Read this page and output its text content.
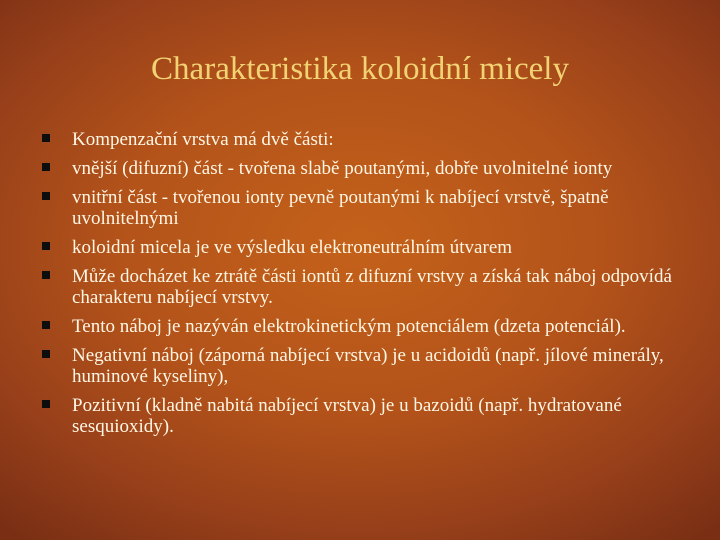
Charakteristika koloidní micely
Kompenzační vrstva má dvě části:
vnější (difuzní) část - tvořena slabě poutanými, dobře uvolnitelné ionty
vnitřní část - tvořenou ionty pevně poutanými k nabíjecí vrstvě, špatně uvolnitelnými
koloidní micela je ve výsledku elektroneutrálním útvarem
Může docházet ke ztrátě části iontů z difuzní vrstvy a získá tak náboj odpovídá charakteru nabíjecí vrstvy.
Tento náboj je nazýván elektrokinetickým potenciálem (dzeta potenciál).
Negativní náboj (záporná nabíjecí vrstva) je u acidoidů (např. jílové minerály, huminové kyseliny),
Pozitivní (kladně nabitá nabíjecí vrstva) je u bazoidů (např. hydratované sesquioxidy).
